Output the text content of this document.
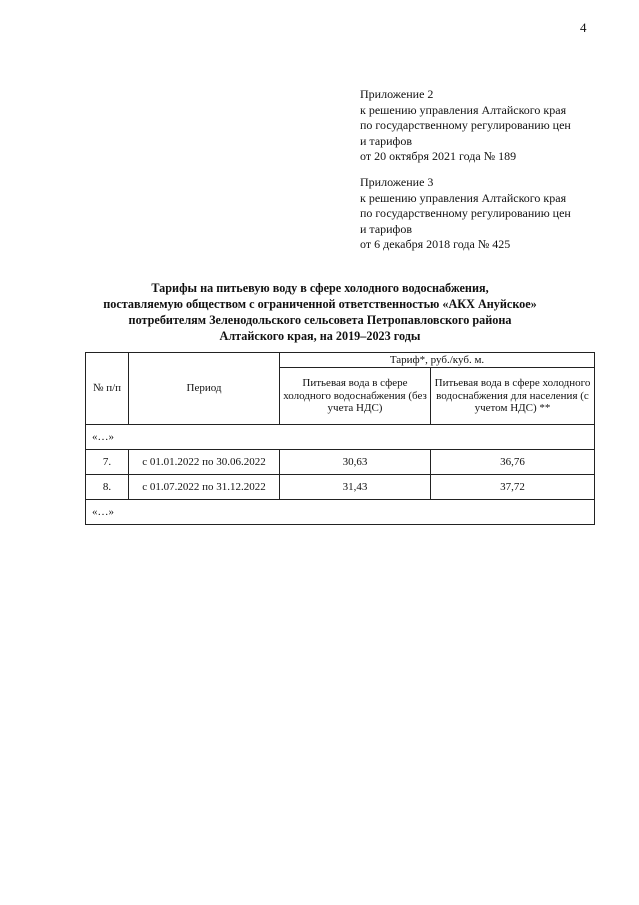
4
Приложение 2
к решению управления Алтайского края
по государственному регулированию цен
и тарифов
от 20 октября 2021 года № 189
Приложение 3
к решению управления Алтайского края
по государственному регулированию цен
и тарифов
от 6 декабря 2018 года № 425
Тарифы на питьевую воду в сфере холодного водоснабжения,
поставляемую обществом с ограниченной ответственностью «АКХ Ануйское»
потребителям Зеленодольского сельсовета Петропавловского района
Алтайского края, на 2019–2023 годы
№ п/п	Период	Тариф*, руб./куб. м.	
		Питьевая вода в сфере холодного водоснабжения (без учета НДС)	Питьевая вода в сфере холодного водоснабжения для населения (с учетом НДС) **
«…»			
7.	с 01.01.2022 по 30.06.2022	30,63	36,76
8.	с 01.07.2022 по 31.12.2022	31,43	37,72
«…»			
